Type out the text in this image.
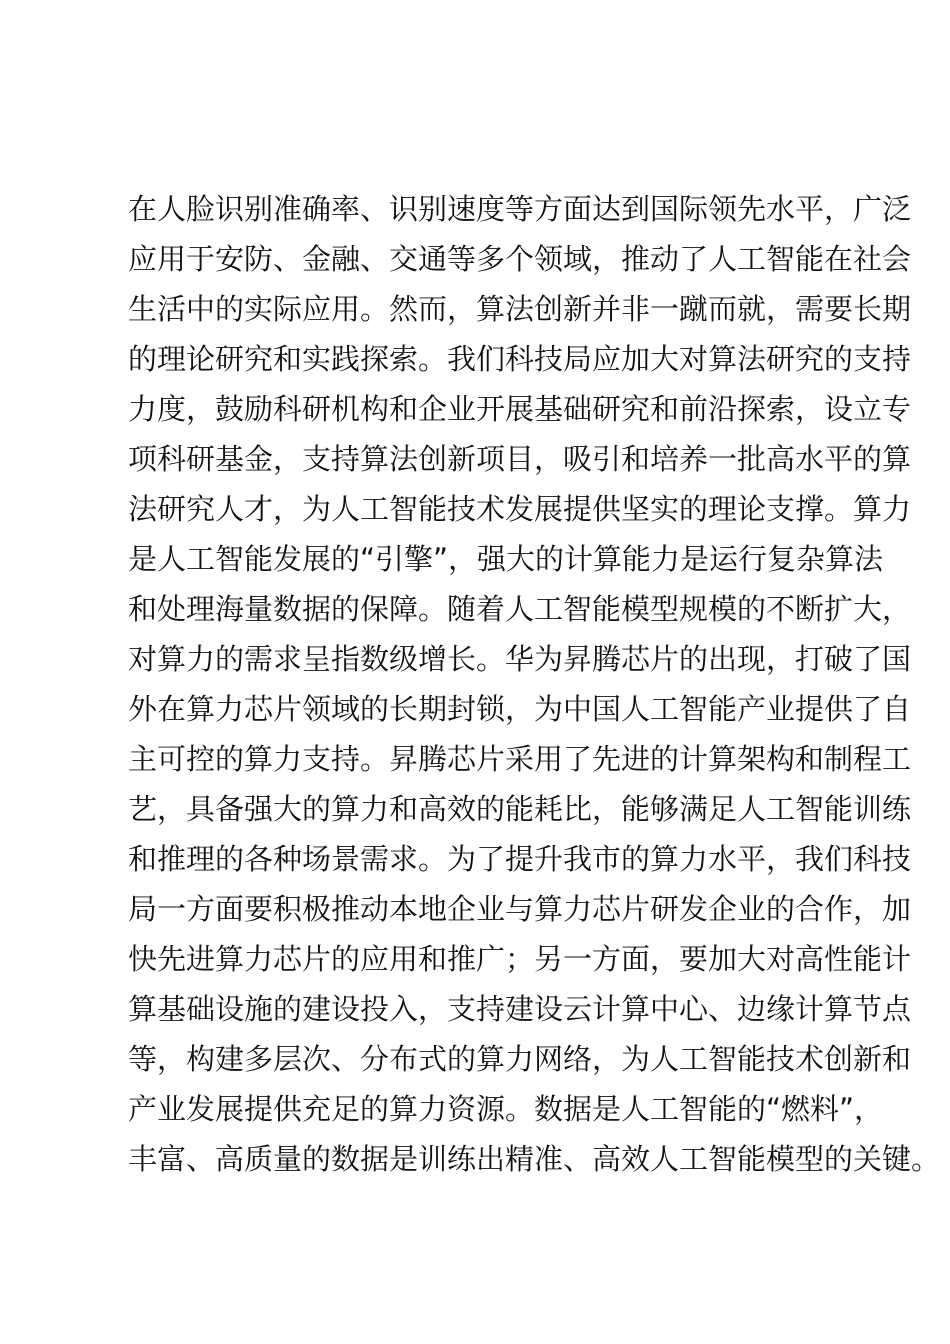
在人脸识别准确率、识别速度等方面达到国际领先水平，广泛
应用于安防、金融、交通等多个领域，推动了人工智能在社会
生活中的实际应用。然而，算法创新并非一蹴而就，需要长期
的理论研究和实践探索。我们科技局应加大对算法研究的支持
力度，鼓励科研机构和企业开展基础研究和前沿探索，设立专
项科研基金，支持算法创新项目，吸引和培养一批高水平的算
法研究人才，为人工智能技术发展提供坚实的理论支撑。算力
是人工智能发展的“引擎”，强大的计算能力是运行复杂算法
和处理海量数据的保障。随着人工智能模型规模的不断扩大，
对算力的需求呈指数级增长。华为昇腾芯片的出现，打破了国
外在算力芯片领域的长期封锁，为中国人工智能产业提供了自
主可控的算力支持。昇腾芯片采用了先进的计算架构和制程工
艺，具备强大的算力和高效的能耗比，能够满足人工智能训练
和推理的各种场景需求。为了提升我市的算力水平，我们科技
局一方面要积极推动本地企业与算力芯片研发企业的合作，加
快先进算力芯片的应用和推广；另一方面，要加大对高性能计
算基础设施的建设投入，支持建设云计算中心、边缘计算节点
等，构建多层次、分布式的算力网络，为人工智能技术创新和
产业发展提供充足的算力资源。数据是人工智能的“燃料”，
丰富、高质量的数据是训练出精准、高效人工智能模型的关键。
